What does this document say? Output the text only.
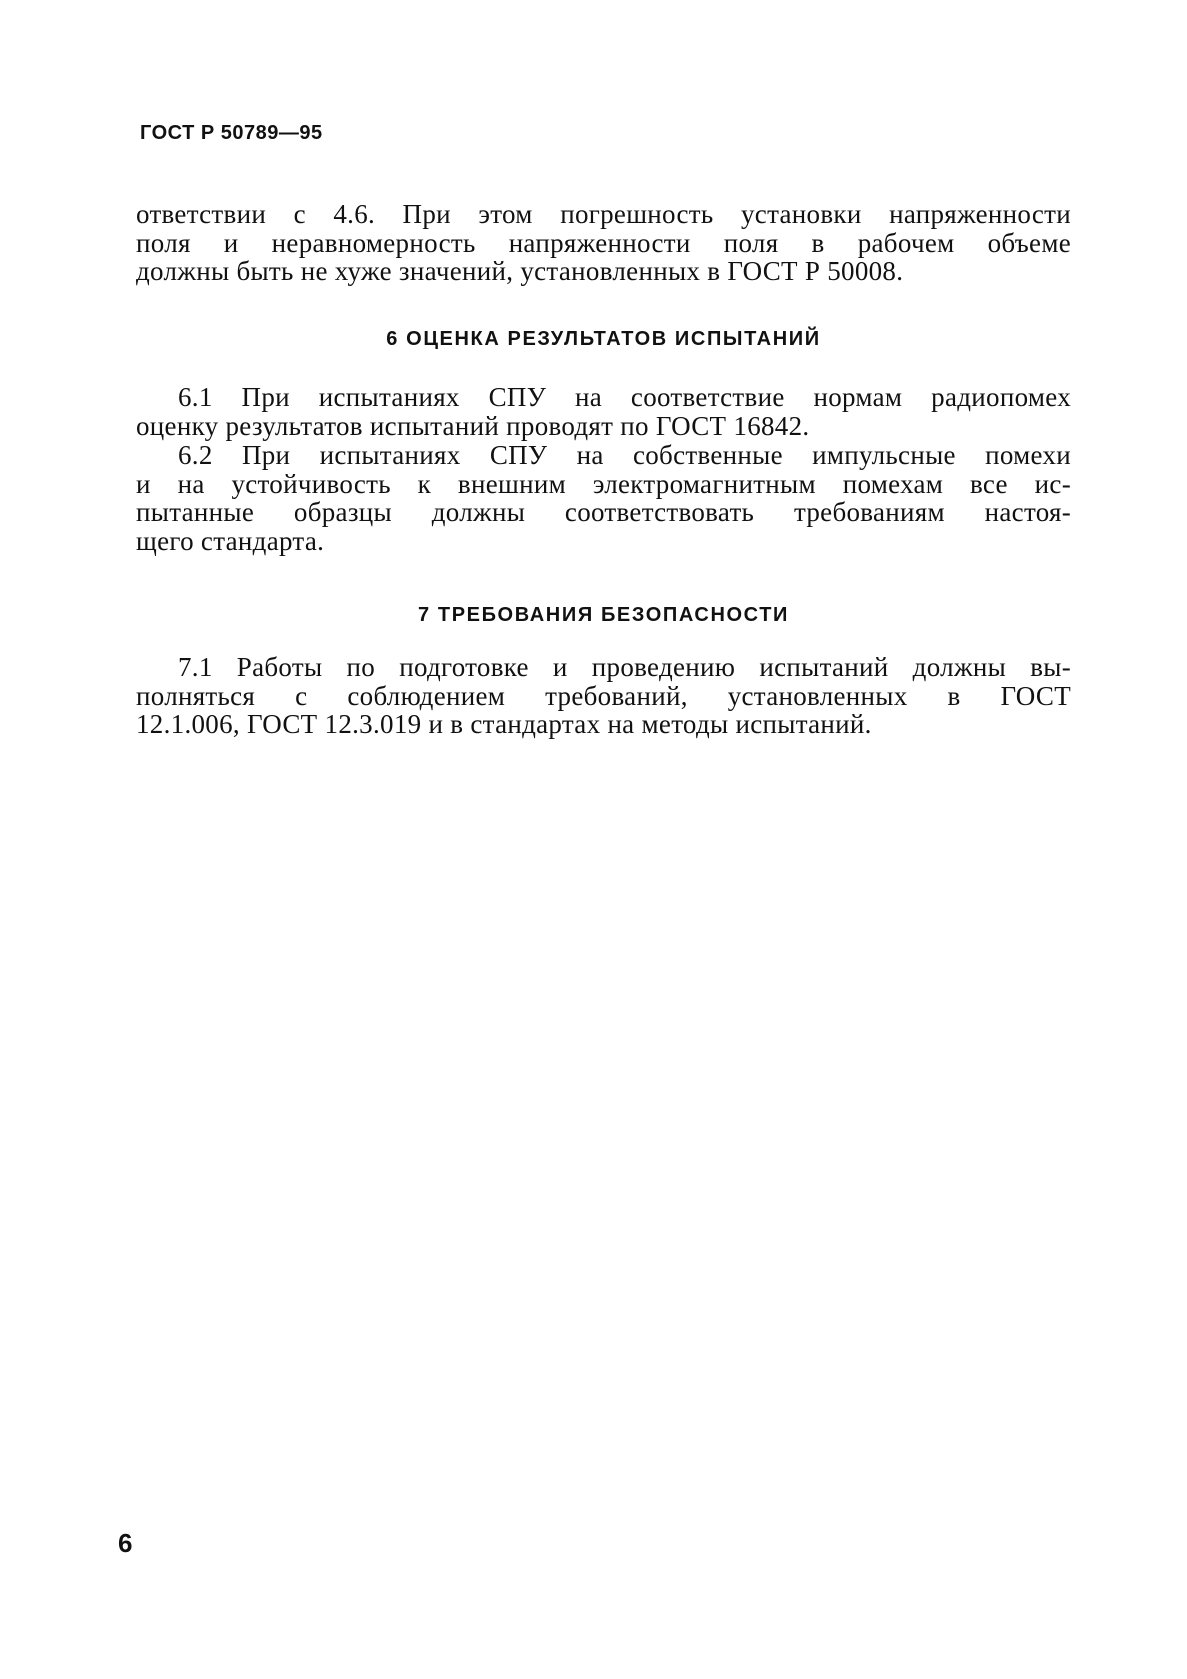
ГОСТ Р 50789—95
ответствии с 4.6. При этом погрешность установки напряженности
поля и неравномерность напряженности поля в рабочем объеме
должны быть не хуже значений, установленных в ГОСТ Р 50008.
6 ОЦЕНКА РЕЗУЛЬТАТОВ ИСПЫТАНИЙ
6.1 При испытаниях СПУ на соответствие нормам радиопомех
оценку результатов испытаний проводят по ГОСТ 16842.
6.2 При испытаниях СПУ на собственные импульсные помехи
и на устойчивость к внешним электромагнитным помехам все ис-
пытанные образцы должны соответствовать требованиям настоя-
щего стандарта.
7 ТРЕБОВАНИЯ БЕЗОПАСНОСТИ
7.1 Работы по подготовке и проведению испытаний должны вы-
полняться с соблюдением требований, установленных в ГОСТ
12.1.006, ГОСТ 12.3.019 и в стандартах на методы испытаний.
6
